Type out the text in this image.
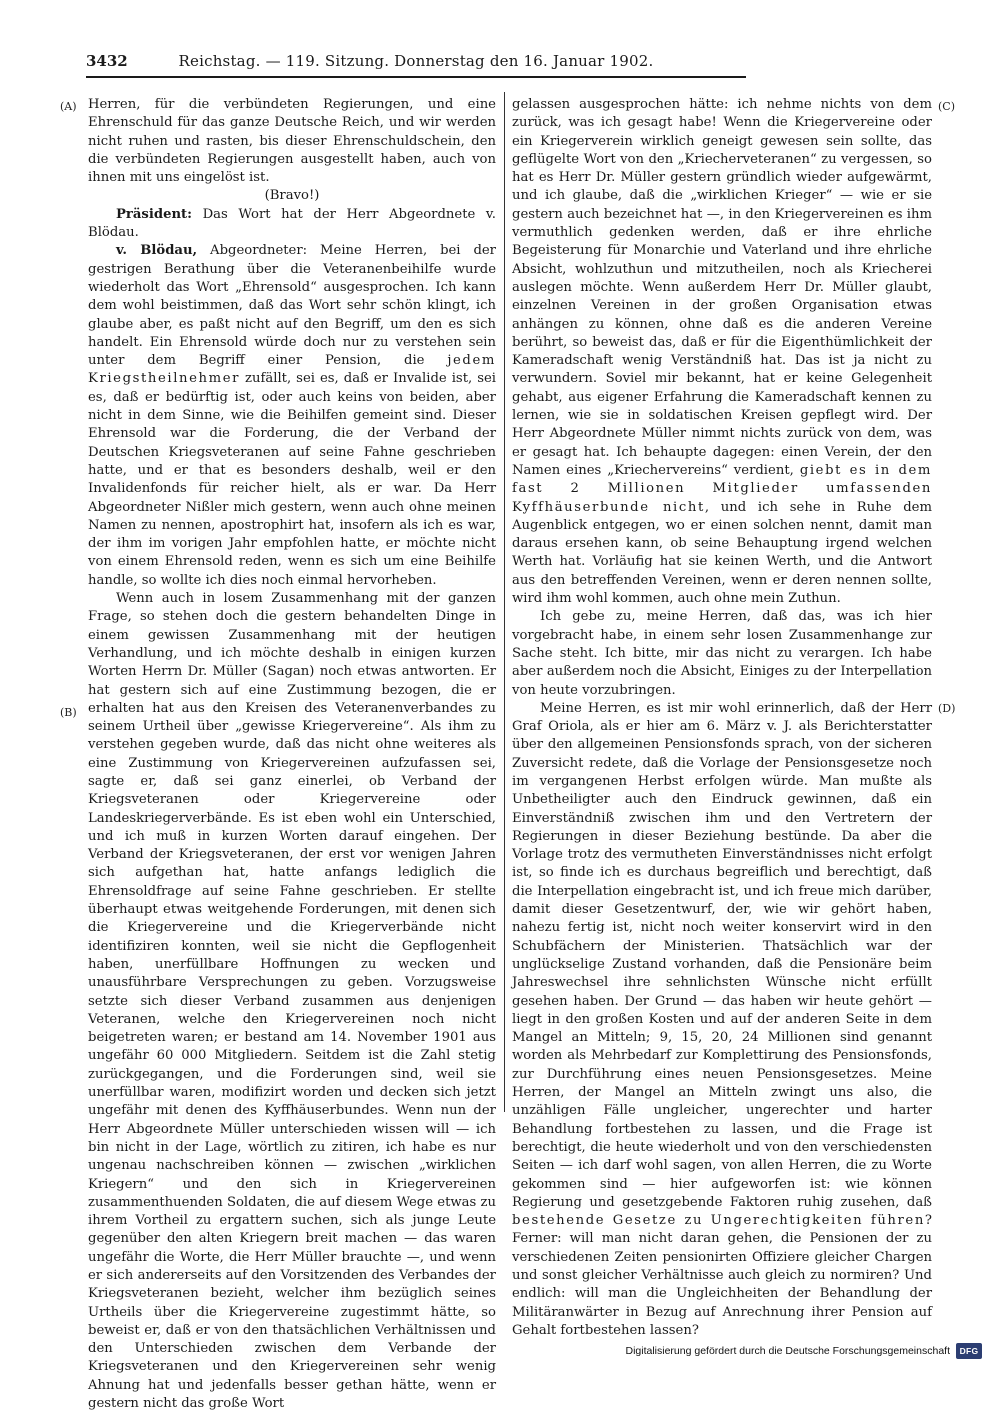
3432	Reichstag. — 119. Sitzung. Donnerstag den 16. Januar 1902.
(A)
(B)
(C)
(D)

Herren, für die verbündeten Regierungen, und eine Ehrenschuld für das ganze Deutsche Reich, und wir werden nicht ruhen und rasten, bis dieser Ehrenschuldschein, den die verbündeten Regierungen ausgestellt haben, auch von ihnen mit uns eingelöst ist.

(Bravo!)

Präsident: Das Wort hat der Herr Abgeordnete v. Blödau.

v. Blödau, Abgeordneter: Meine Herren, bei der gestrigen Berathung über die Veteranenbeihilfe wurde wiederholt das Wort „Ehrensold“ ausgesprochen. Ich kann dem wohl beistimmen, daß das Wort sehr schön klingt, ich glaube aber, es paßt nicht auf den Begriff, um den es sich handelt. Ein Ehrensold würde doch nur zu verstehen sein unter dem Begriff einer Pension, die jedem Kriegstheilnehmer zufällt, sei es, daß er Invalide ist, sei es, daß er bedürftig ist, oder auch keins von beiden, aber nicht in dem Sinne, wie die Beihilfen gemeint sind. Dieser Ehrensold war die Forderung, die der Verband der Deutschen Kriegsveteranen auf seine Fahne geschrieben hatte, und er that es besonders deshalb, weil er den Invalidenfonds für reicher hielt, als er war. Da Herr Abgeordneter Nißler mich gestern, wenn auch ohne meinen Namen zu nennen, apostrophirt hat, insofern als ich es war, der ihm im vorigen Jahr empfohlen hatte, er möchte nicht von einem Ehrensold reden, wenn es sich um eine Beihilfe handle, so wollte ich dies noch einmal hervorheben.

Wenn auch in losem Zusammenhang mit der ganzen Frage, so stehen doch die gestern behandelten Dinge in einem gewissen Zusammenhang mit der heutigen Verhandlung, und ich möchte deshalb in einigen kurzen Worten Herrn Dr. Müller (Sagan) noch etwas antworten. Er hat gestern sich auf eine Zustimmung bezogen, die er erhalten hat aus den Kreisen des Veteranenverbandes zu seinem Urtheil über „gewisse Kriegervereine“. Als ihm zu verstehen gegeben wurde, daß das nicht ohne weiteres als eine Zustimmung von Kriegervereinen aufzufassen sei, sagte er, daß sei ganz einerlei, ob Verband der Kriegsveteranen oder Kriegervereine oder Landeskriegerverbände. Es ist eben wohl ein Unterschied, und ich muß in kurzen Worten darauf eingehen. Der Verband der Kriegsveteranen, der erst vor wenigen Jahren sich aufgethan hat, hatte anfangs lediglich die Ehrensoldfrage auf seine Fahne geschrieben. Er stellte überhaupt etwas weitgehende Forderungen, mit denen sich die Kriegervereine und die Kriegerverbände nicht identifiziren konnten, weil sie nicht die Gepflogenheit haben, unerfüllbare Hoffnungen zu wecken und unausführbare Versprechungen zu geben. Vorzugsweise setzte sich dieser Verband zusammen aus denjenigen Veteranen, welche den Kriegervereinen noch nicht beigetreten waren; er bestand am 14. November 1901 aus ungefähr 60 000 Mitgliedern. Seitdem ist die Zahl stetig zurückgegangen, und die Forderungen sind, weil sie unerfüllbar waren, modifizirt worden und decken sich jetzt ungefähr mit denen des Kyffhäuserbundes. Wenn nun der Herr Abgeordnete Müller unterschieden wissen will — ich bin nicht in der Lage, wörtlich zu zitiren, ich habe es nur ungenau nachschreiben können — zwischen „wirklichen Kriegern“ und den sich in Kriegervereinen zusammenthuenden Soldaten, die auf diesem Wege etwas zu ihrem Vortheil zu ergattern suchen, sich als junge Leute gegenüber den alten Kriegern breit machen — das waren ungefähr die Worte, die Herr Müller brauchte —, und wenn er sich andererseits auf den Vorsitzenden des Verbandes der Kriegsveteranen bezieht, welcher ihm bezüglich seines Urtheils über die Kriegervereine zugestimmt hätte, so beweist er, daß er von den thatsächlichen Verhältnissen und den Unterschieden zwischen dem Verbande der Kriegsveteranen und den Kriegervereinen sehr wenig Ahnung hat und jedenfalls besser gethan hätte, wenn er gestern nicht das große Wort

gelassen ausgesprochen hätte: ich nehme nichts von dem zurück, was ich gesagt habe! Wenn die Kriegervereine oder ein Kriegerverein wirklich geneigt gewesen sein sollte, das geflügelte Wort von den „Kriecherveteranen“ zu vergessen, so hat es Herr Dr. Müller gestern gründlich wieder aufgewärmt, und ich glaube, daß die „wirklichen Krieger“ — wie er sie gestern auch bezeichnet hat —, in den Kriegervereinen es ihm vermuthlich gedenken werden, daß er ihre ehrliche Begeisterung für Monarchie und Vaterland und ihre ehrliche Absicht, wohlzuthun und mitzutheilen, noch als Kriecherei auslegen möchte. Wenn außerdem Herr Dr. Müller glaubt, einzelnen Vereinen in der großen Organisation etwas anhängen zu können, ohne daß es die anderen Vereine berührt, so beweist das, daß er für die Eigenthümlichkeit der Kameradschaft wenig Verständniß hat. Das ist ja nicht zu verwundern. Soviel mir bekannt, hat er keine Gelegenheit gehabt, aus eigener Erfahrung die Kameradschaft kennen zu lernen, wie sie in soldatischen Kreisen gepflegt wird. Der Herr Abgeordnete Müller nimmt nichts zurück von dem, was er gesagt hat. Ich behaupte dagegen: einen Verein, der den Namen eines „Kriechervereins“ verdient, giebt es in dem fast 2 Millionen Mitglieder umfassenden Kyffhäuserbunde nicht, und ich sehe in Ruhe dem Augenblick entgegen, wo er einen solchen nennt, damit man daraus ersehen kann, ob seine Behauptung irgend welchen Werth hat. Vorläufig hat sie keinen Werth, und die Antwort aus den betreffenden Vereinen, wenn er deren nennen sollte, wird ihm wohl kommen, auch ohne mein Zuthun.

Ich gebe zu, meine Herren, daß das, was ich hier vorgebracht habe, in einem sehr losen Zusammenhange zur Sache steht. Ich bitte, mir das nicht zu verargen. Ich habe aber außerdem noch die Absicht, Einiges zu der Interpellation von heute vorzubringen.

Meine Herren, es ist mir wohl erinnerlich, daß der Herr Graf Oriola, als er hier am 6. März v. J. als Berichterstatter über den allgemeinen Pensionsfonds sprach, von der sicheren Zuversicht redete, daß die Vorlage der Pensionsgesetze noch im vergangenen Herbst erfolgen würde. Man mußte als Unbetheiligter auch den Eindruck gewinnen, daß ein Einverständniß zwischen ihm und den Vertretern der Regierungen in dieser Beziehung bestünde. Da aber die Vorlage trotz des vermutheten Einverständnisses nicht erfolgt ist, so finde ich es durchaus begreiflich und berechtigt, daß die Interpellation eingebracht ist, und ich freue mich darüber, damit dieser Gesetzentwurf, der, wie wir gehört haben, nahezu fertig ist, nicht noch weiter konservirt wird in den Schubfächern der Ministerien. Thatsächlich war der unglückselige Zustand vorhanden, daß die Pensionäre beim Jahreswechsel ihre sehnlichsten Wünsche nicht erfüllt gesehen haben. Der Grund — das haben wir heute gehört — liegt in den großen Kosten und auf der anderen Seite in dem Mangel an Mitteln; 9, 15, 20, 24 Millionen sind genannt worden als Mehrbedarf zur Komplettirung des Pensionsfonds, zur Durchführung eines neuen Pensionsgesetzes. Meine Herren, der Mangel an Mitteln zwingt uns also, die unzähligen Fälle ungleicher, ungerechter und harter Behandlung fortbestehen zu lassen, und die Frage ist berechtigt, die heute wiederholt und von den verschiedensten Seiten — ich darf wohl sagen, von allen Herren, die zu Worte gekommen sind — hier aufgeworfen ist: wie können Regierung und gesetzgebende Faktoren ruhig zusehen, daß bestehende Gesetze zu Ungerechtigkeiten führen? Ferner: will man nicht daran gehen, die Pensionen der zu verschiedenen Zeiten pensionirten Offiziere gleicher Chargen und sonst gleicher Verhältnisse auch gleich zu normiren? Und endlich: will man die Ungleichheiten der Behandlung der Militäranwärter in Bezug auf Anrechnung ihrer Pension auf Gehalt fortbestehen lassen?

Digitalisierung gefördert durch die Deutsche Forschungsgemeinschaft	DFG
